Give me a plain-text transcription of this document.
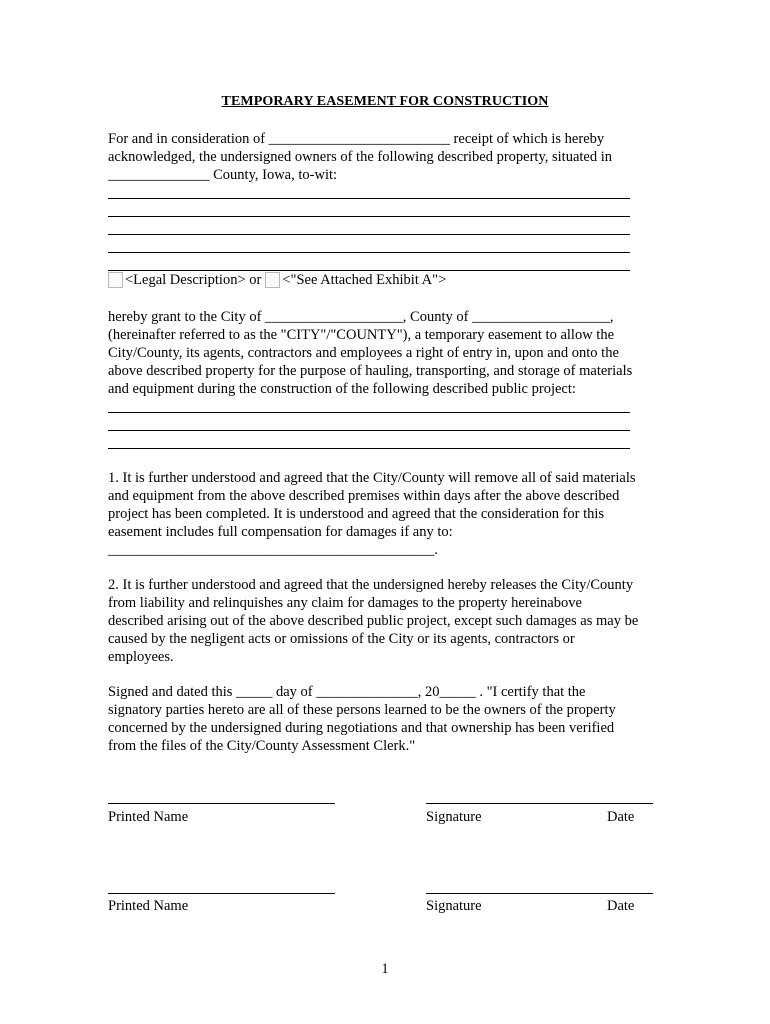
TEMPORARY EASEMENT FOR CONSTRUCTION
For and in consideration of _________________________ receipt of which is hereby
acknowledged, the undersigned owners of the following described property, situated in
______________ County, Iowa, to-wit:
<Legal Description> or <"See Attached Exhibit A">
hereby grant to the City of ___________________, County of ___________________,
(hereinafter referred to as the "CITY"/"COUNTY"), a temporary easement to allow the
City/County, its agents, contractors and employees a right of entry in, upon and onto the
above described property for the purpose of hauling, transporting, and storage of materials
and equipment during the construction of the following described public project:
1. It is further understood and agreed that the City/County will remove all of said materials
and equipment from the above described premises within days after the above described
project has been completed. It is understood and agreed that the consideration for this
easement includes full compensation for damages if any to:
_____________________________________________.
2. It is further understood and agreed that the undersigned hereby releases the City/County
from liability and relinquishes any claim for damages to the property hereinabove
described arising out of the above described public project, except such damages as may be
caused by the negligent acts or omissions of the City or its agents, contractors or
employees.
Signed and dated this _____ day of ______________, 20_____ . "I certify that the
signatory parties hereto are all of these persons learned to be the owners of the property
concerned by the undersigned during negotiations and that ownership has been verified
from the files of the City/County Assessment Clerk."
Printed Name	Signature	Date
Printed Name	Signature	Date
1
